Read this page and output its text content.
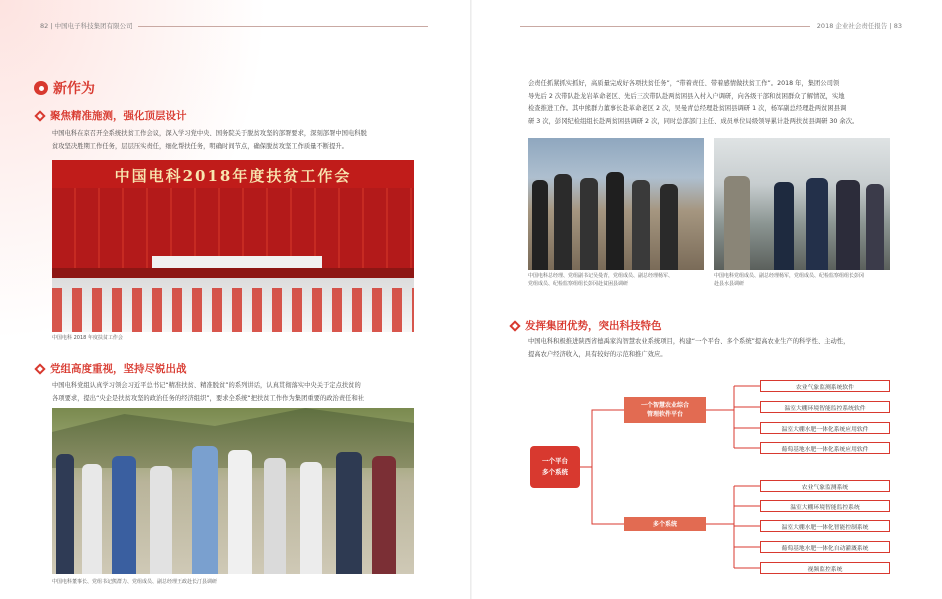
82 | 中国电子科技集团有限公司
新作为
聚焦精准施测，强化顶层设计
中国电科在京召开全系统扶贫工作会议，深入学习党中央、国务院关于脱贫攻坚的部署要求，深刻部署中国电科脱
贫攻坚决胜期工作任务，层层压实责任，细化帮扶任务，明确时间节点，确保脱贫攻坚工作质量不断提升。
中国电科2018年度扶贫工作会
中国电科 2018 年度扶贫工作会
党组高度重视，坚持尽锐出战
中国电科党组认真学习领会习近平总书记“精准扶贫、精准脱贫”的系列讲话，认真贯彻落实中央关于定点扶贫的
各项要求，提出“央企是扶贫攻坚的政治任务的经济组织”，要求全系统“把扶贫工作作为集团重要的政治责任和社
中国电科董事长、党组书记熊群力、党组成员、副总经理王政赴长汀县调研
2018 企业社会责任报告 | 83
会责任抓紧抓实抓好，高质量完成好各项扶贫任务”，“带着责任、带着感情做扶贫工作”。2018 年，集团公司领
导先后 2 次带队赴龙岩革命老区、先后三次带队赴两贫困县入村入户调研，向各级干部和贫困群众了解情况，实地
检查推进工作。其中熊群力董事长赴革命老区 2 次，吴曼青总经理赴贫困县调研 1 次，杨军副总经理赴两贫困县调
研 3 次，彭冈纪检组组长赴两贫困县调研 2 次，同时总部部门主任、成员单位局级领导累计赴两扶贫县调研 30 余次。
中国电科总经理、党组副书记吴曼青，党组成员、副总经理杨军、
党组成员、纪检监察组组长彭冈赴贫困县调研
中国电科党组成员、副总经理杨军，党组成员、纪检监察组组长彭冈
赴县水县调研
发挥集团优势，突出科技特色
中国电科积极推进陕西省德禹家沟智慧农业系统项目，构建“一个平台、多个系统”提高农业生产的科学性、主动性，
提高农户经济收入，具有较好的示范和推广效应。
一个平台
多个系统
一个智慧农业综合
管理软件平台
多个系统
农业气象监测系统软件
温室大棚环境智能监控系统软件
温室大棚水肥一体化系统应用软件
葡萄基地水肥一体化系统应用软件
农业气象监测系统
温室大棚环境智能监控系统
温室大棚水肥一体化智能控制系统
葡萄基地水肥一体化自动灌溉系统
视频监控系统
